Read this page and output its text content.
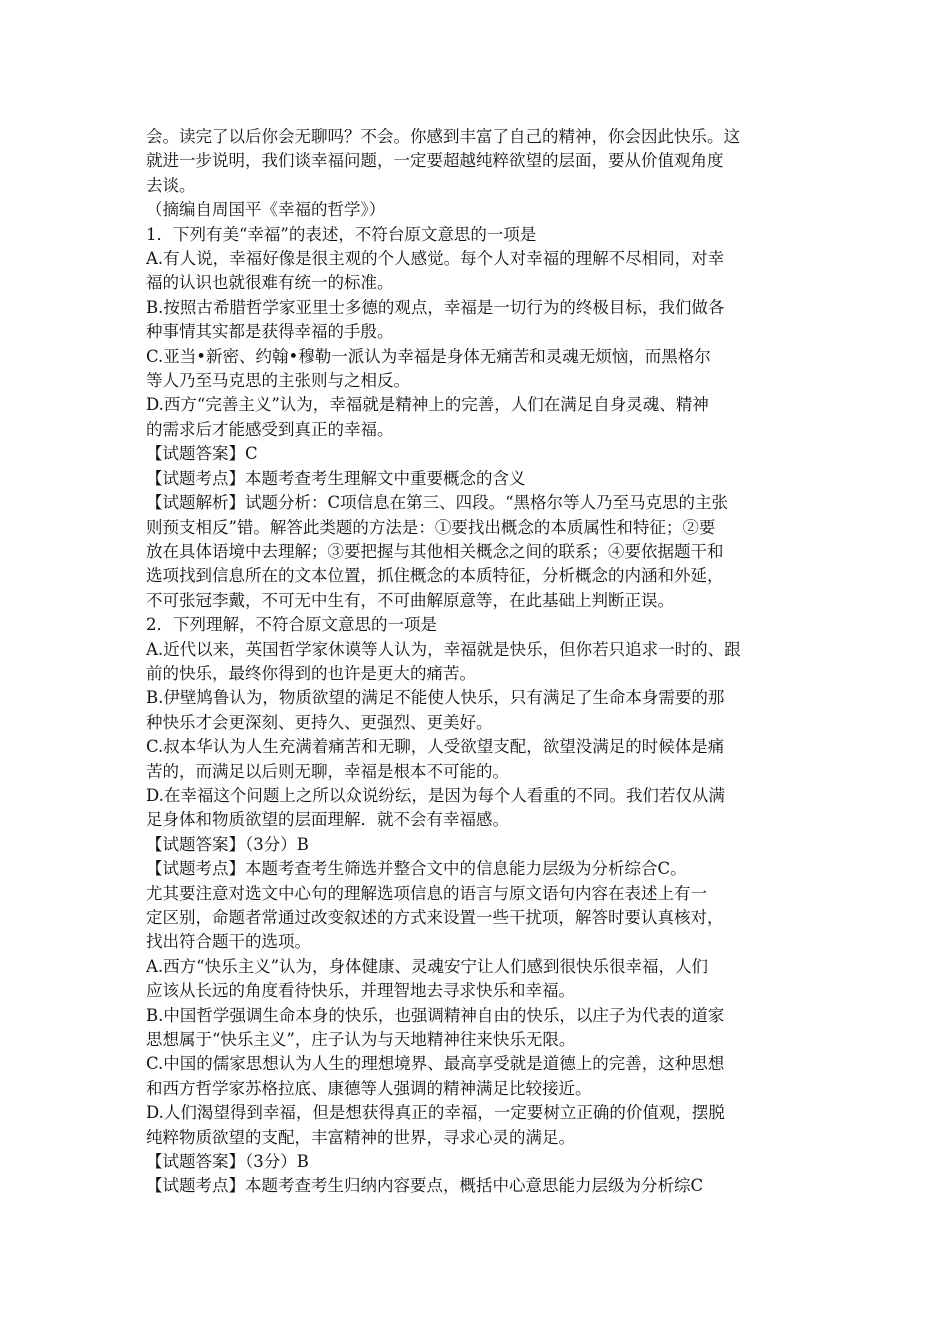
会。读完了以后你会无聊吗？不会。你感到丰富了自己的精神，你会因此快乐。这
就进一步说明，我们谈幸福问题，一定要超越纯粹欲望的层面，要从价值观角度
去谈。
（摘编自周国平《幸福的哲学》）
1．下列有美“幸福”的表述，不符台原文意思的一项是
A.有人说，幸福好像是很主观的个人感觉。每个人对幸福的理解不尽相同，对幸
福的认识也就很难有统一的标准。
B.按照古希腊哲学家亚里士多德的观点，幸福是一切行为的终极目标，我们做各
种事情其实都是获得幸福的手殷。
C.亚当•新密、约翰•穆勒一派认为幸福是身体无痛苦和灵魂无烦恼，而黑格尔
等人乃至马克思的主张则与之相反。
D.西方“完善主义”认为，幸福就是精神上的完善，人们在满足自身灵魂、精神
的需求后才能感受到真正的幸福。
【试题答案】C
【试题考点】本题考查考生理解文中重要概念的含义
【试题解析】试题分析：C项信息在第三、四段。“黑格尔等人乃至马克思的主张
则预支相反”错。解答此类题的方法是：①要找出概念的本质属性和特征；②要
放在具体语境中去理解；③要把握与其他相关概念之间的联系；④要依据题干和
选项找到信息所在的文本位置，抓住概念的本质特征，分析概念的内涵和外延，
不可张冠李戴，不可无中生有，不可曲解原意等，在此基础上判断正误。
2．下列理解，不符合原文意思的一项是
A.近代以来，英国哲学家休谟等人认为，幸福就是快乐，但你若只追求一时的、跟
前的快乐，最终你得到的也许是更大的痛苦。
B.伊壁鸠鲁认为，物质欲望的满足不能使人快乐，只有满足了生命本身需要的那
种快乐才会更深刻、更持久、更强烈、更美好。
C.叔本华认为人生充满着痛苦和无聊，人受欲望支配，欲望没满足的时候体是痛
苦的，而满足以后则无聊，幸福是根本不可能的。
D.在幸福这个问题上之所以众说纷纭，是因为每个人看重的不同。我们若仅从满
足身体和物质欲望的层面理解．就不会有幸福感。
【试题答案】（3分）B
【试题考点】本题考查考生筛选并整合文中的信息能力层级为分析综合C。
尤其要注意对选文中心句的理解选项信息的语言与原文语句内容在表述上有一
定区别，命题者常通过改变叙述的方式来设置一些干扰项，解答时要认真核对，
找出符合题干的选项。
A.西方“快乐主义”认为，身体健康、灵魂安宁让人们感到很快乐很幸福，人们
应该从长远的角度看待快乐，并理智地去寻求快乐和幸福。
B.中国哲学强调生命本身的快乐，也强调精神自由的快乐，以庄子为代表的道家
思想属于“快乐主义”，庄子认为与天地精神往来快乐无限。
C.中国的儒家思想认为人生的理想境界、最高享受就是道德上的完善，这种思想
和西方哲学家苏格拉底、康德等人强调的精神满足比较接近。
D.人们渴望得到幸福，但是想获得真正的幸福，一定要树立正确的价值观，摆脱
纯粹物质欲望的支配，丰富精神的世界，寻求心灵的满足。
【试题答案】（3分）B
【试题考点】本题考查考生归纳内容要点，概括中心意思能力层级为分析综C
